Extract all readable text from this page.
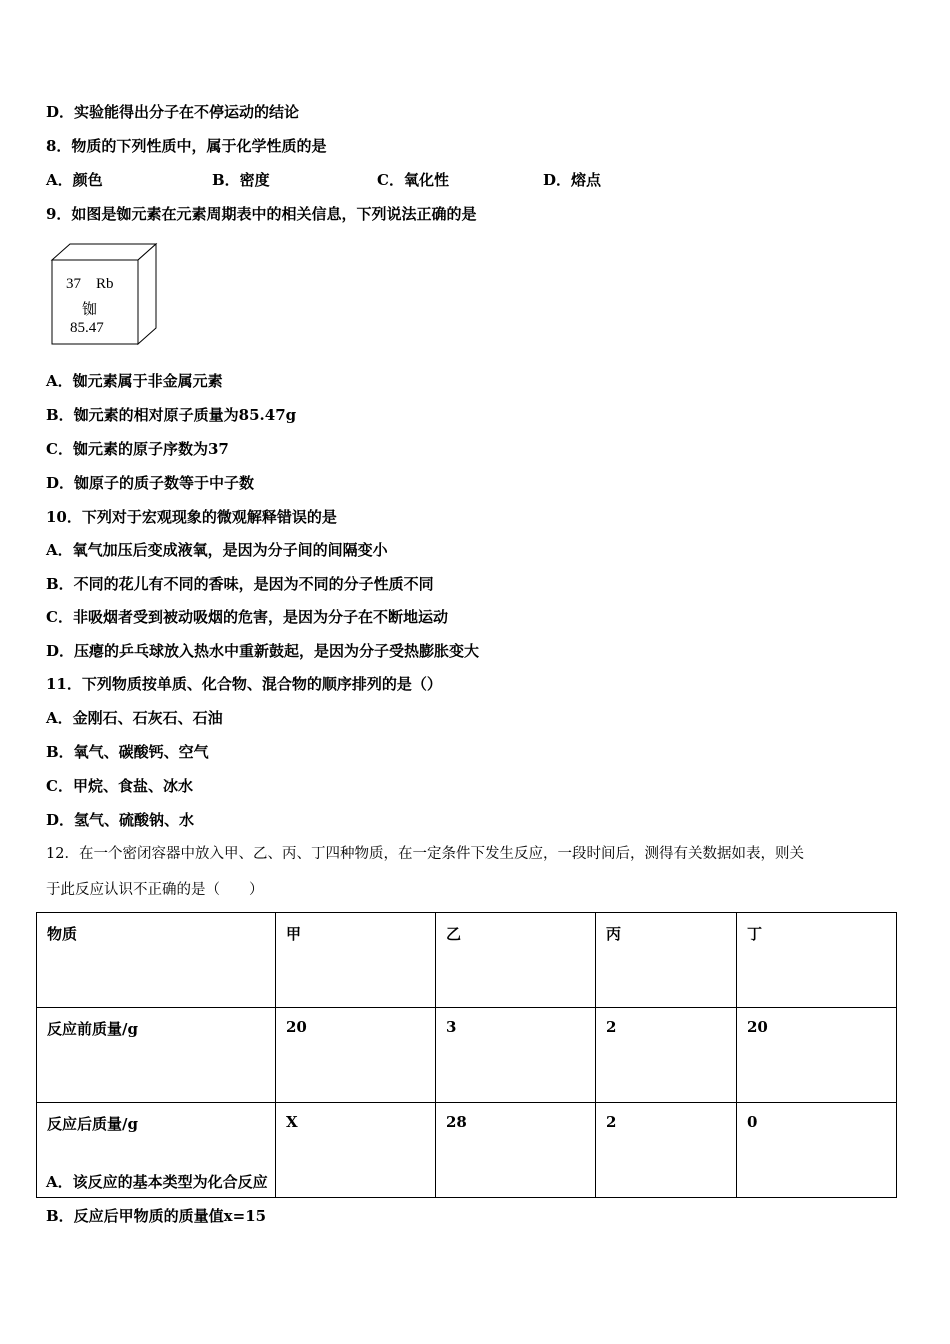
D．实验能得出分子在不停运动的结论
8．物质的下列性质中，属于化学性质的是
A．颜色	B．密度	C．氧化性	D．熔点
9．如图是铷元素在元素周期表中的相关信息，下列说法正确的是
37 Rb
铷
85.47
A．铷元素属于非金属元素
B．铷元素的相对原子质量为85.47g
C．铷元素的原子序数为37
D．铷原子的质子数等于中子数
10．下列对于宏观现象的微观解释错误的是
A．氧气加压后变成液氧，是因为分子间的间隔变小
B．不同的花儿有不同的香味，是因为不同的分子性质不同
C．非吸烟者受到被动吸烟的危害，是因为分子在不断地运动
D．压瘪的乒乓球放入热水中重新鼓起，是因为分子受热膨胀变大
11．下列物质按单质、化合物、混合物的顺序排列的是（）
A．金刚石、石灰石、石油
B．氧气、碳酸钙、空气
C．甲烷、食盐、冰水
D．氢气、硫酸钠、水
12．在一个密闭容器中放入甲、乙、丙、丁四种物质，在一定条件下发生反应，一段时间后，测得有关数据如表，则关
于此反应认识不正确的是（　　）
物质	甲	乙	丙	丁
反应前质量/g	20	3	2	20
反应后质量/g	X	28	2	0
A．该反应的基本类型为化合反应
B．反应后甲物质的质量值x=15
